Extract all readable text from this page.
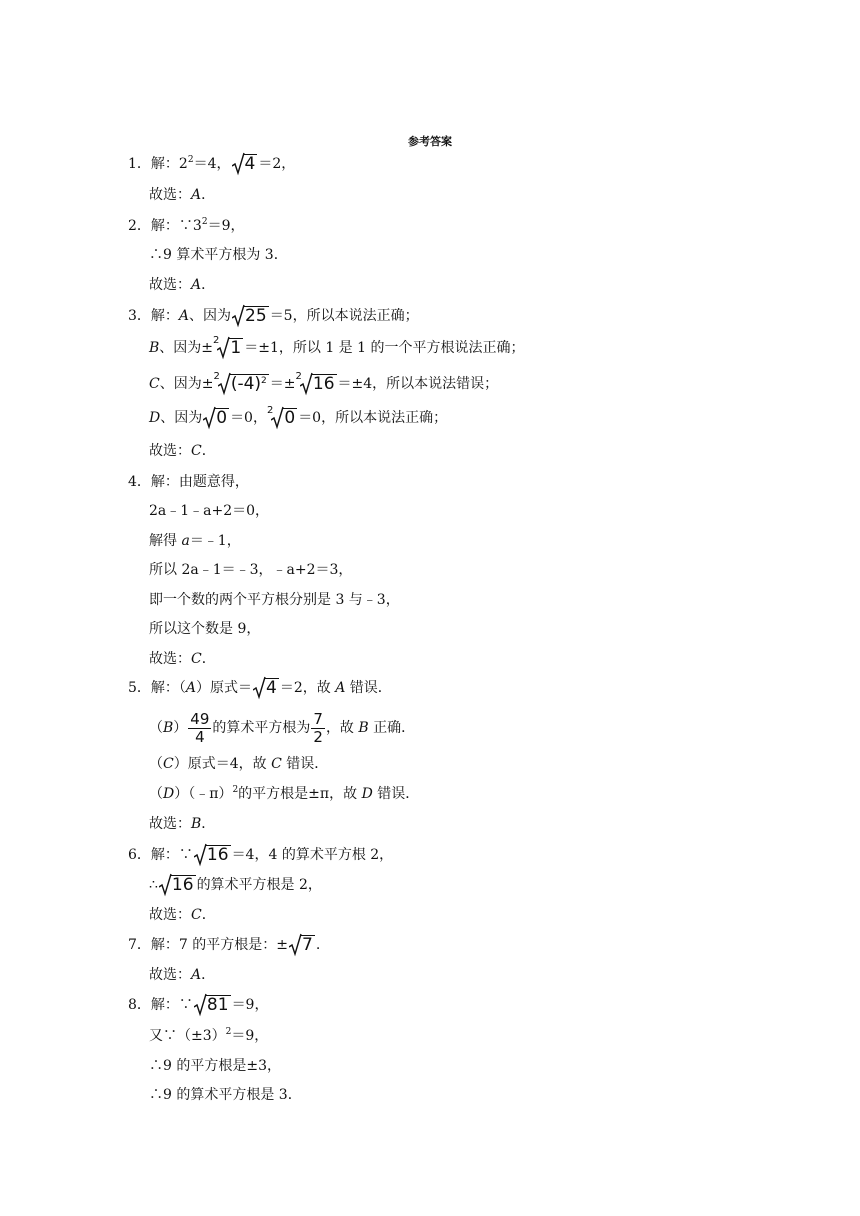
参考答案
1．解：$2^2=4$， 4 ＝2，
故选：A．
2．解：$\because 3^2=9$，
∴9 算术平方根为 3．
故选：A．
3．解：A、因为 25 ＝5，所以本说法正确；
B、因为±$^2$ 1 ＝±1，所以 1 是 1 的一个平方根说法正确；
C、因为±$^2$ $(-4)^2 =\pm^2$ 16 ＝±4，所以本说法错误；
D、因为 0 ＝0，$^2$ 0 ＝0，所以本说法正确；
故选：C．
4．解：由题意得，
2a﹣1﹣a+2＝0，
解得 a＝﹣1，
所以 2a﹣1＝﹣3，﹣a+2＝3，
即一个数的两个平方根分别是 3 与﹣3，
所以这个数是 9，
故选：C．
5．解：（A）原式＝ 4 ＝2，故 A 错误．
$(B) \frac{49}{4}$ 的算术平方根为 $\frac{7}{2}$ ，故 B 正确．
（C）原式＝4，故 C 错误．
（D）（﹣π）$^2$的平方根是±π，故 D 错误．
故选：B．
6．解：∵ 16 ＝4，4 的算术平方根 2，
∴ 16 的算术平方根是 2，
故选：C．
7．解：7 的平方根是：± 7 .
故选：A．
8．解：∵ 81 ＝9，
又$\because(\pm 3)^2=9$，
∴9 的平方根是±3，
∴9 的算术平方根是 3．
